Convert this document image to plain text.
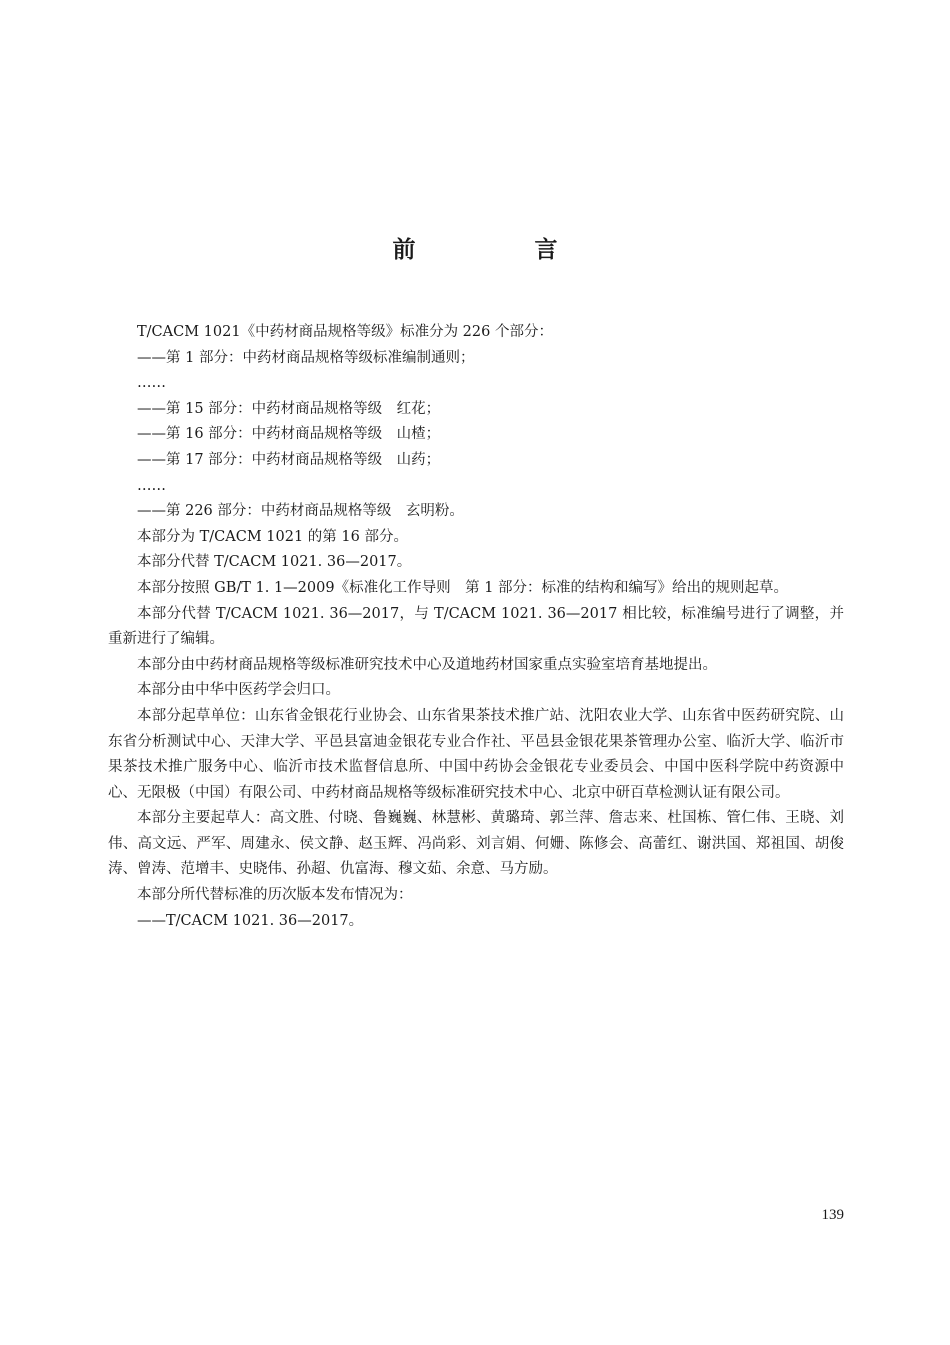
前　言

T/CACM 1021《中药材商品规格等级》标准分为 226 个部分：

——第 1 部分：中药材商品规格等级标准编制通则；

……

——第 15 部分：中药材商品规格等级　红花；

——第 16 部分：中药材商品规格等级　山楂；

——第 17 部分：中药材商品规格等级　山药；

……

——第 226 部分：中药材商品规格等级　玄明粉。

本部分为 T/CACM 1021 的第 16 部分。

本部分代替 T/CACM 1021. 36—2017。

本部分按照 GB/T 1. 1—2009《标准化工作导则　第 1 部分：标准的结构和编写》给出的规则起草。

本部分代替 T/CACM 1021. 36—2017，与 T/CACM 1021. 36—2017 相比较，标准编号进行了调整，并重新进行了编辑。

本部分由中药材商品规格等级标准研究技术中心及道地药材国家重点实验室培育基地提出。

本部分由中华中医药学会归口。

本部分起草单位：山东省金银花行业协会、山东省果茶技术推广站、沈阳农业大学、山东省中医药研究院、山东省分析测试中心、天津大学、平邑县富迪金银花专业合作社、平邑县金银花果茶管理办公室、临沂大学、临沂市果茶技术推广服务中心、临沂市技术监督信息所、中国中药协会金银花专业委员会、中国中医科学院中药资源中心、无限极（中国）有限公司、中药材商品规格等级标准研究技术中心、北京中研百草检测认证有限公司。

本部分主要起草人：高文胜、付晓、鲁巍巍、林慧彬、黄璐琦、郭兰萍、詹志来、杜国栋、管仁伟、王晓、刘伟、高文远、严军、周建永、侯文静、赵玉辉、冯尚彩、刘言娟、何姗、陈修会、高蕾红、谢洪国、郑祖国、胡俊涛、曾涛、范增丰、史晓伟、孙超、仇富海、穆文茹、余意、马方励。

本部分所代替标准的历次版本发布情况为：

——T/CACM 1021. 36—2017。

139
